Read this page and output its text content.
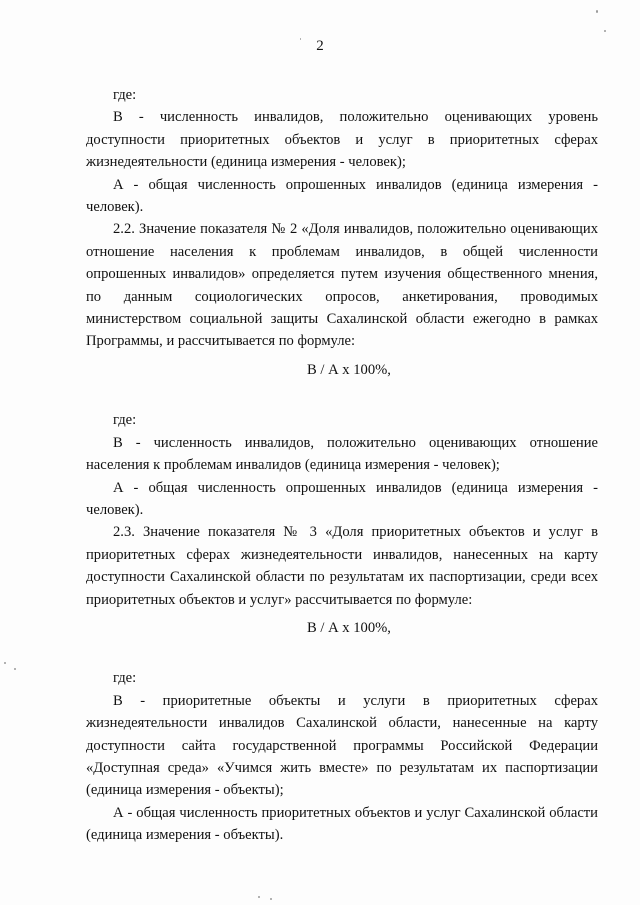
2

где:

В - численность инвалидов, положительно оценивающих уровень доступности приоритетных объектов и услуг в приоритетных сферах жизнедеятельности (единица измерения - человек);

А - общая численность опрошенных инвалидов (единица измерения - человек).

2.2. Значение показателя № 2 «Доля инвалидов, положительно оценивающих отношение населения к проблемам инвалидов, в общей численности опрошенных инвалидов» определяется путем изучения общественного мнения, по данным социологических опросов, анкетирования, проводимых министерством социальной защиты Сахалинской области ежегодно в рамках Программы, и рассчитывается по формуле:

В / А х 100%,

где:

В - численность инвалидов, положительно оценивающих отношение населения к проблемам инвалидов (единица измерения - человек);

А - общая численность опрошенных инвалидов (единица измерения - человек).

2.3. Значение показателя № 3 «Доля приоритетных объектов и услуг в приоритетных сферах жизнедеятельности инвалидов, нанесенных на карту доступности Сахалинской области по результатам их паспортизации, среди всех приоритетных объектов и услуг» рассчитывается по формуле:

В / А х 100%,

где:

В - приоритетные объекты и услуги в приоритетных сферах жизнедеятельности инвалидов Сахалинской области, нанесенные на карту доступности сайта государственной программы Российской Федерации «Доступная среда» «Учимся жить вместе» по результатам их паспортизации (единица измерения - объекты);

А - общая численность приоритетных объектов и услуг Сахалинской области (единица измерения - объекты).
